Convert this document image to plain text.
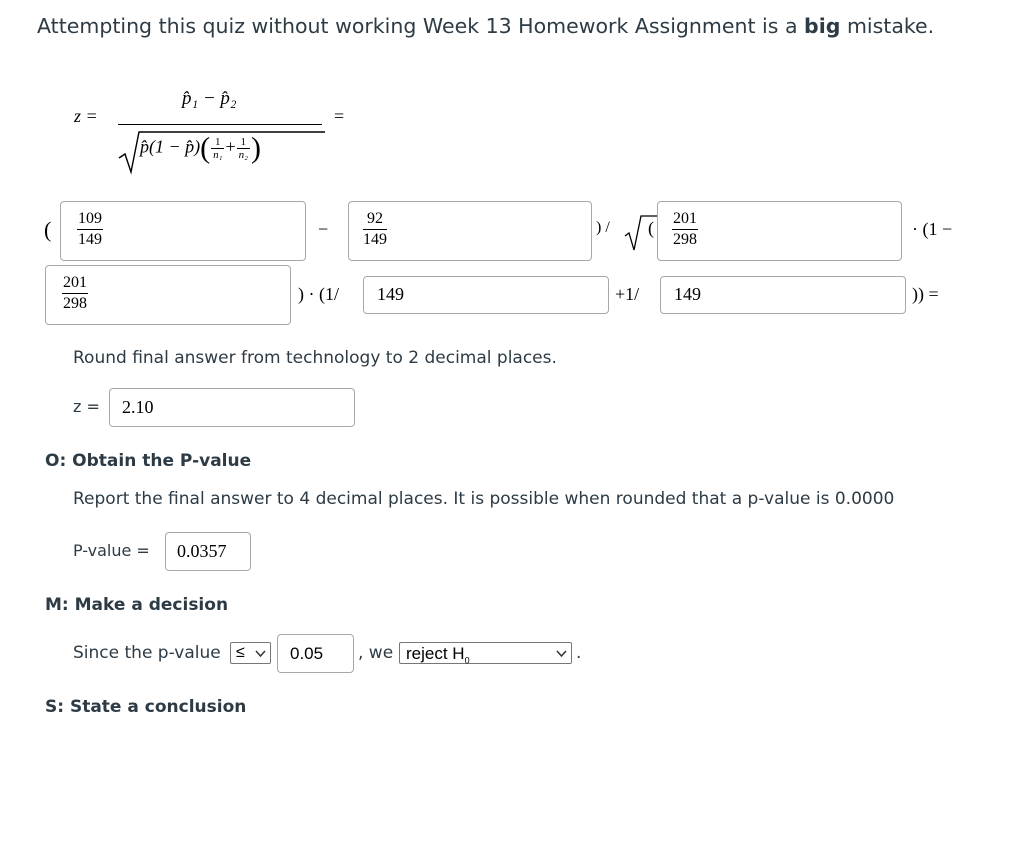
Attempting this quiz without working Week 13 Homework Assignment is a big mistake.
z =
p̂₁ − p̂₂
p̂(1 − p̂)( $\frac{1}{\text{n₁}} + \frac{1}{\text{n₂}}$ )
=
( $\frac{109}{149}$	− $\frac{92}{149}$	) / ( $\frac{201}{298}$	· (1 −
$\frac{201}{298}$	) · (1/ 149	+1/ 149	)) =
Round final answer from technology to 2 decimal places.
z = 2.10
O: Obtain the P-value
Report the final answer to 4 decimal places. It is possible when rounded that a p-value is 0.0000
P-value = 0.0357
M: Make a decision
Since the p-value ≤	0.05 , we reject $H_0$	.
S: State a conclusion
